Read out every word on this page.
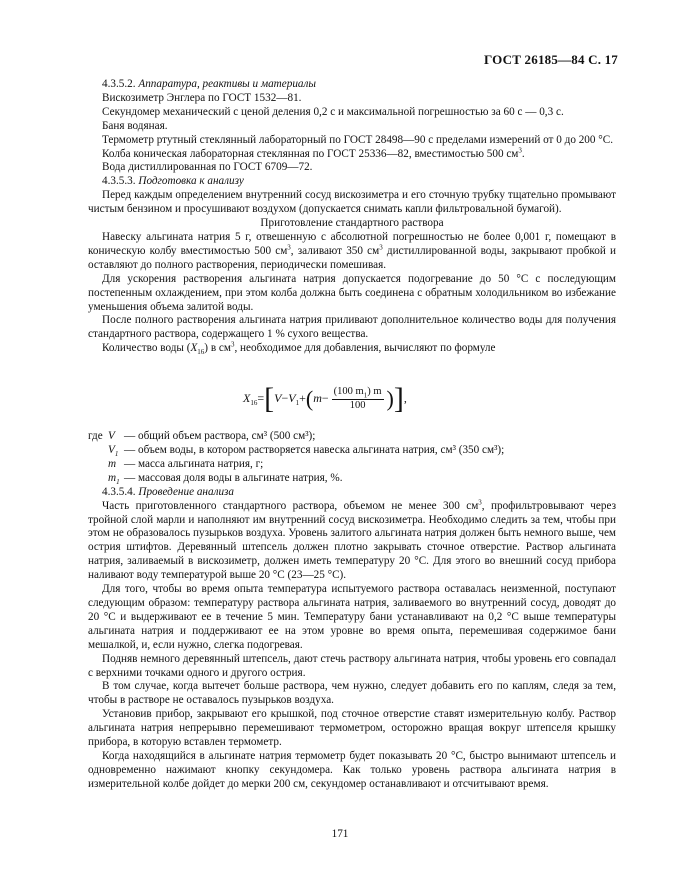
ГОСТ 26185—84 С. 17

4.3.5.2. Аппаратура, реактивы и материалы

Вискозиметр Энглера по ГОСТ 1532—81.

Секундомер механический с ценой деления 0,2 с и максимальной погрешностью за 60 с — 0,3 с.

Баня водяная.

Термометр ртутный стеклянный лабораторный по ГОСТ 28498—90 с пределами измерений от 0 до 200 °С.

Колба коническая лабораторная стеклянная по ГОСТ 25336—82, вместимостью 500 $см^3$.

Вода дистиллированная по ГОСТ 6709—72.

4.3.5.3. Подготовка к анализу

Перед каждым определением внутренний сосуд вискозиметра и его сточную трубку тщательно промывают чистым бензином и просушивают воздухом (допускается снимать капли фильтровальной бумагой).

Приготовление стандартного раствора

Навеску альгината натрия 5 г, отвешенную с абсолютной погрешностью не более 0,001 г, помещают в коническую колбу вместимостью 500 $см^3$, заливают 350 $см^3$ дистиллированной воды, закрывают пробкой и оставляют до полного растворения, периодически помешивая.

Для ускорения растворения альгината натрия допускается подогревание до 50 °С с последующим постепенным охлаждением, при этом колба должна быть соединена с обратным холодильником во избежание уменьшения объема залитой воды.

После полного растворения альгината натрия приливают дополнительное количество воды для получения стандартного раствора, содержащего 1 % сухого вещества.

Количество воды $(X_{16})$ в $см^3$, необходимое для добавления, вычисляют по формуле

$X_{16}=[V-V_1+(m- \frac{(100 m_1) m}{100}$ )],
где V — общий объем раствора, см³ (500 см³);
$V_1$ — объем воды, в котором растворяется навеска альгината натрия, см³ (350 см³);
m — масса альгината натрия, г;
$m_1$ — массовая доля воды в альгинате натрия, %.

4.3.5.4. Проведение анализа

Часть приготовленного стандартного раствора, объемом не менее 300 $см^3$, профильтровывают через тройной слой марли и наполняют им внутренний сосуд вискозиметра. Необходимо следить за тем, чтобы при этом не образовалось пузырьков воздуха. Уровень залитого альгината натрия должен быть немного выше, чем острия штифтов. Деревянный штепсель должен плотно закрывать сточное отверстие. Раствор альгината натрия, заливаемый в вискозиметр, должен иметь температуру 20 °С. Для этого во внешний сосуд прибора наливают воду температурой выше 20 °С (23—25 °С).

Для того, чтобы во время опыта температура испытуемого раствора оставалась неизменной, поступают следующим образом: температуру раствора альгината натрия, заливаемого во внутренний сосуд, доводят до 20 °С и выдерживают ее в течение 5 мин. Температуру бани устанавливают на 0,2 °С выше температуры альгината натрия и поддерживают ее на этом уровне во время опыта, перемешивая содержимое бани мешалкой, и, если нужно, слегка подогревая.

Подняв немного деревянный штепсель, дают стечь раствору альгината натрия, чтобы уровень его совпадал с верхними точками одного и другого острия.

В том случае, когда вытечет больше раствора, чем нужно, следует добавить его по каплям, следя за тем, чтобы в растворе не оставалось пузырьков воздуха.

Установив прибор, закрывают его крышкой, под сточное отверстие ставят измерительную колбу. Раствор альгината натрия непрерывно перемешивают термометром, осторожно вращая вокруг штепселя крышку прибора, в которую вставлен термометр.

Когда находящийся в альгинате натрия термометр будет показывать 20 °С, быстро вынимают штепсель и одновременно нажимают кнопку секундомера. Как только уровень раствора альгината натрия в измерительной колбе дойдет до мерки 200 см, секундомер останавливают и отсчитывают время.

171
